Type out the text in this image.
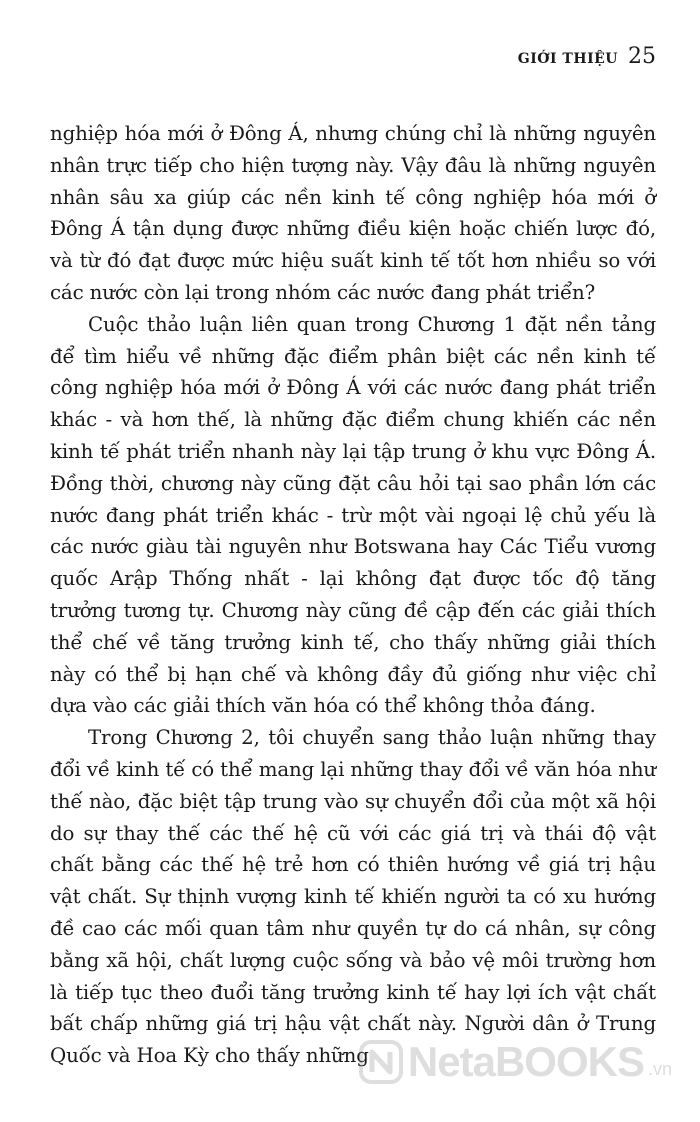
GIỚI THIỆU 25

nghiệp hóa mới ở Đông Á, nhưng chúng chỉ là những nguyên nhân trực tiếp cho hiện tượng này. Vậy đâu là những nguyên nhân sâu xa giúp các nền kinh tế công nghiệp hóa mới ở Đông Á tận dụng được những điều kiện hoặc chiến lược đó, và từ đó đạt được mức hiệu suất kinh tế tốt hơn nhiều so với các nước còn lại trong nhóm các nước đang phát triển?

Cuộc thảo luận liên quan trong Chương 1 đặt nền tảng để tìm hiểu về những đặc điểm phân biệt các nền kinh tế công nghiệp hóa mới ở Đông Á với các nước đang phát triển khác - và hơn thế, là những đặc điểm chung khiến các nền kinh tế phát triển nhanh này lại tập trung ở khu vực Đông Á. Đồng thời, chương này cũng đặt câu hỏi tại sao phần lớn các nước đang phát triển khác - trừ một vài ngoại lệ chủ yếu là các nước giàu tài nguyên như Botswana hay Các Tiểu vương quốc Arập Thống nhất - lại không đạt được tốc độ tăng trưởng tương tự. Chương này cũng đề cập đến các giải thích thể chế về tăng trưởng kinh tế, cho thấy những giải thích này có thể bị hạn chế và không đầy đủ giống như việc chỉ dựa vào các giải thích văn hóa có thể không thỏa đáng.

Trong Chương 2, tôi chuyển sang thảo luận những thay đổi về kinh tế có thể mang lại những thay đổi về văn hóa như thế nào, đặc biệt tập trung vào sự chuyển đổi của một xã hội do sự thay thế các thế hệ cũ với các giá trị và thái độ vật chất bằng các thế hệ trẻ hơn có thiên hướng về giá trị hậu vật chất. Sự thịnh vượng kinh tế khiến người ta có xu hướng đề cao các mối quan tâm như quyền tự do cá nhân, sự công bằng xã hội, chất lượng cuộc sống và bảo vệ môi trường hơn là tiếp tục theo đuổi tăng trưởng kinh tế hay lợi ích vật chất bất chấp những giá trị hậu vật chất này. Người dân ở Trung Quốc và Hoa Kỳ cho thấy những NetaBOOKS .vn
